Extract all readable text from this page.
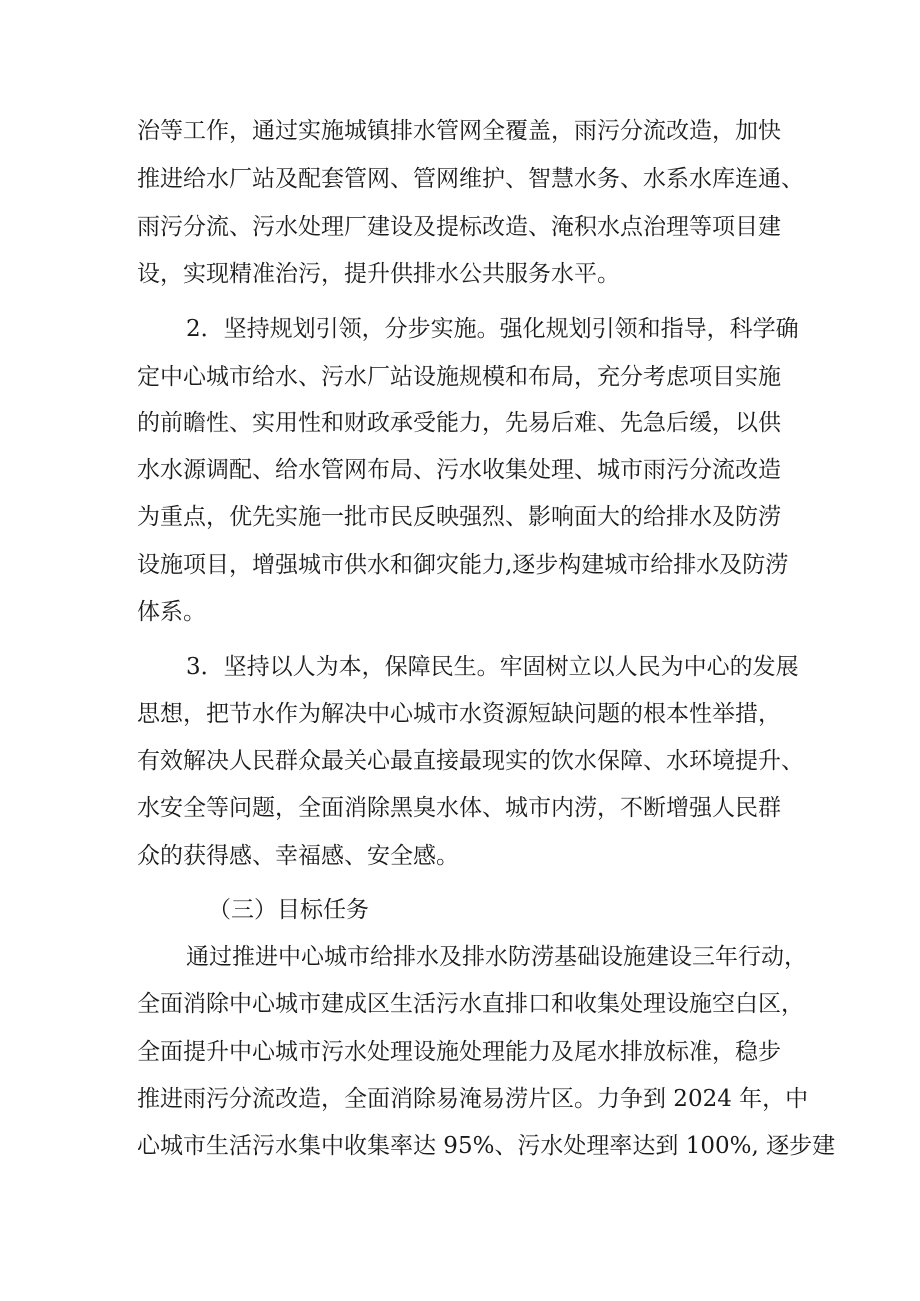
治等工作，通过实施城镇排水管网全覆盖，雨污分流改造，加快
推进给水厂站及配套管网、管网维护、智慧水务、水系水库连通、
雨污分流、污水处理厂建设及提标改造、淹积水点治理等项目建
设，实现精准治污，提升供排水公共服务水平。
2．坚持规划引领，分步实施。强化规划引领和指导，科学确
定中心城市给水、污水厂站设施规模和布局，充分考虑项目实施
的前瞻性、实用性和财政承受能力，先易后难、先急后缓，以供
水水源调配、给水管网布局、污水收集处理、城市雨污分流改造
为重点，优先实施一批市民反映强烈、影响面大的给排水及防涝
设施项目，增强城市供水和御灾能力,逐步构建城市给排水及防涝
体系。
3．坚持以人为本，保障民生。牢固树立以人民为中心的发展
思想，把节水作为解决中心城市水资源短缺问题的根本性举措，
有效解决人民群众最关心最直接最现实的饮水保障、水环境提升、
水安全等问题，全面消除黑臭水体、城市内涝，不断增强人民群
众的获得感、幸福感、安全感。
（三）目标任务
通过推进中心城市给排水及排水防涝基础设施建设三年行动，
全面消除中心城市建成区生活污水直排口和收集处理设施空白区，
全面提升中心城市污水处理设施处理能力及尾水排放标准，稳步
推进雨污分流改造，全面消除易淹易涝片区。力争到 2024 年，中
心城市生活污水集中收集率达 95%、污水处理率达到 100%, 逐步建
